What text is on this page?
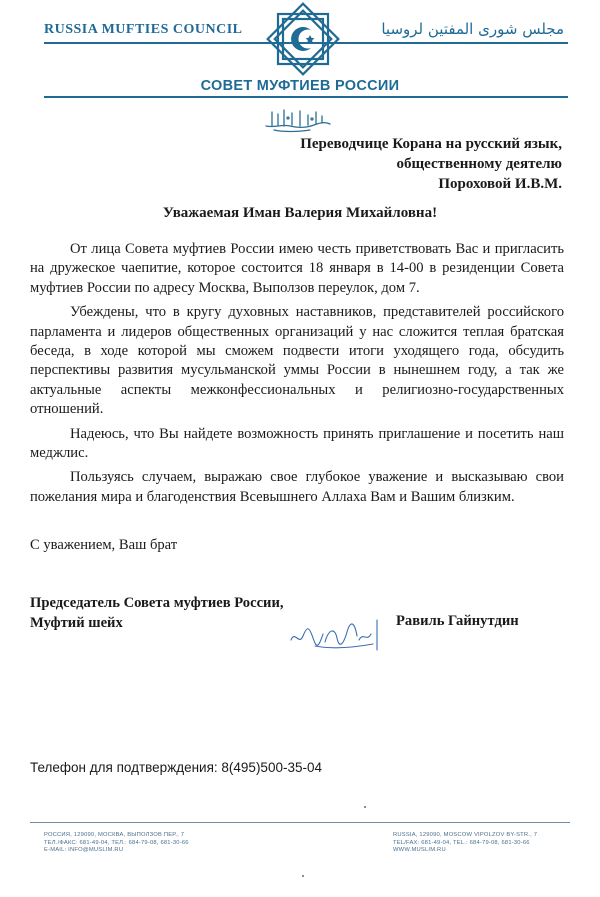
RUSSIA MUFTIES COUNCIL	مجلس شورى المفتين لروسيا
СОВЕТ МУФТИЕВ РОССИИ
Переводчице Корана на русский язык,
общественному деятелю
Пороховой И.В.М.
Уважаемая Иман Валерия Михайловна!

От лица Совета муфтиев России имею честь приветствовать Вас и пригласить на дружеское чаепитие, которое состоится 18 января в 14-00 в резиденции Совета муфтиев России по адресу Москва, Выползов переулок, дом 7.

Убеждены, что в кругу духовных наставников, представителей российского парламента и лидеров общественных организаций у нас сложится теплая братская беседа, в ходе которой мы сможем подвести итоги уходящего года, обсудить перспективы развития мусульманской уммы России в нынешнем году, а так же актуальные аспекты межконфессиональных и религиозно-государственных отношений.

Надеюсь, что Вы найдете возможность принять приглашение и посетить наш меджлис.

Пользуясь случаем, выражаю свое глубокое уважение и высказываю свои пожелания мира и благоденствия Всевышнего Аллаха Вам и Вашим близким.

С уважением, Ваш брат
Председатель Совета муфтиев России,
Муфтий шейх	Равиль Гайнутдин
Телефон для подтверждения: 8(495)500-35-04
РОССИЯ, 129090, МОСКВА, ВЫПОЛЗОВ ПЕР., 7
ТЕЛ./ФАКС: 681-49-04, ТЕЛ.: 684-79-08, 681-30-66
E-MAIL: INFO@MUSLIM.RU
RUSSIA, 129090, MOSCOW VIPOLZOV BY-STR., 7
TEL/FAX: 681-49-04, TEL.: 684-79-08, 681-30-66
WWW.MUSLIM.RU
